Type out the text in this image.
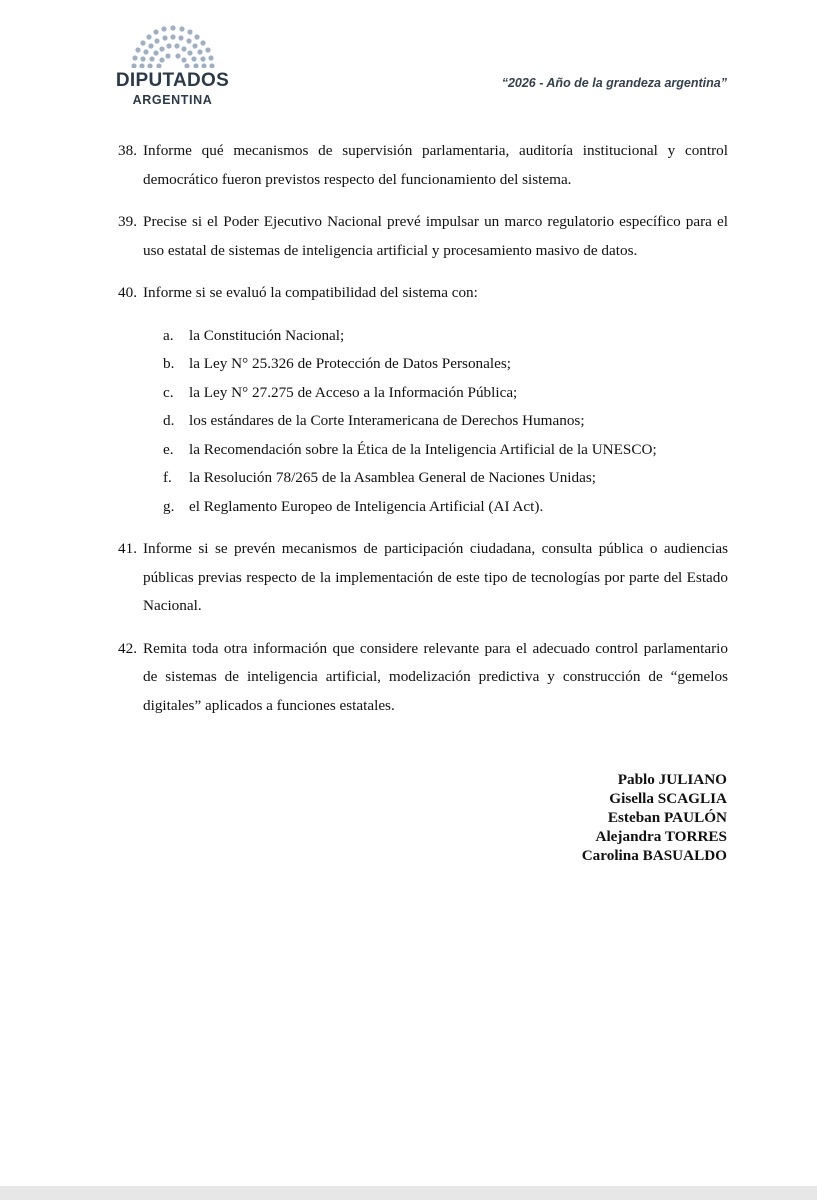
DIPUTADOS
ARGENTINA
“2026 - Año de la grandeza argentina”
38. Informe qué mecanismos de supervisión parlamentaria, auditoría institucional y control democrático fueron previstos respecto del funcionamiento del sistema.
39. Precise si el Poder Ejecutivo Nacional prevé impulsar un marco regulatorio específico para el uso estatal de sistemas de inteligencia artificial y procesamiento masivo de datos.
40. Informe si se evaluó la compatibilidad del sistema con:
a. la Constitución Nacional;
b. la Ley N° 25.326 de Protección de Datos Personales;
c. la Ley N° 27.275 de Acceso a la Información Pública;
d. los estándares de la Corte Interamericana de Derechos Humanos;
e. la Recomendación sobre la Ética de la Inteligencia Artificial de la UNESCO;
f. la Resolución 78/265 de la Asamblea General de Naciones Unidas;
g. el Reglamento Europeo de Inteligencia Artificial (AI Act).
41. Informe si se prevén mecanismos de participación ciudadana, consulta pública o audiencias públicas previas respecto de la implementación de este tipo de tecnologías por parte del Estado Nacional.
42. Remita toda otra información que considere relevante para el adecuado control parlamentario de sistemas de inteligencia artificial, modelización predictiva y construcción de “gemelos digitales” aplicados a funciones estatales.
Pablo JULIANO
Gisella SCAGLIA
Esteban PAULÓN
Alejandra TORRES
Carolina BASUALDO
